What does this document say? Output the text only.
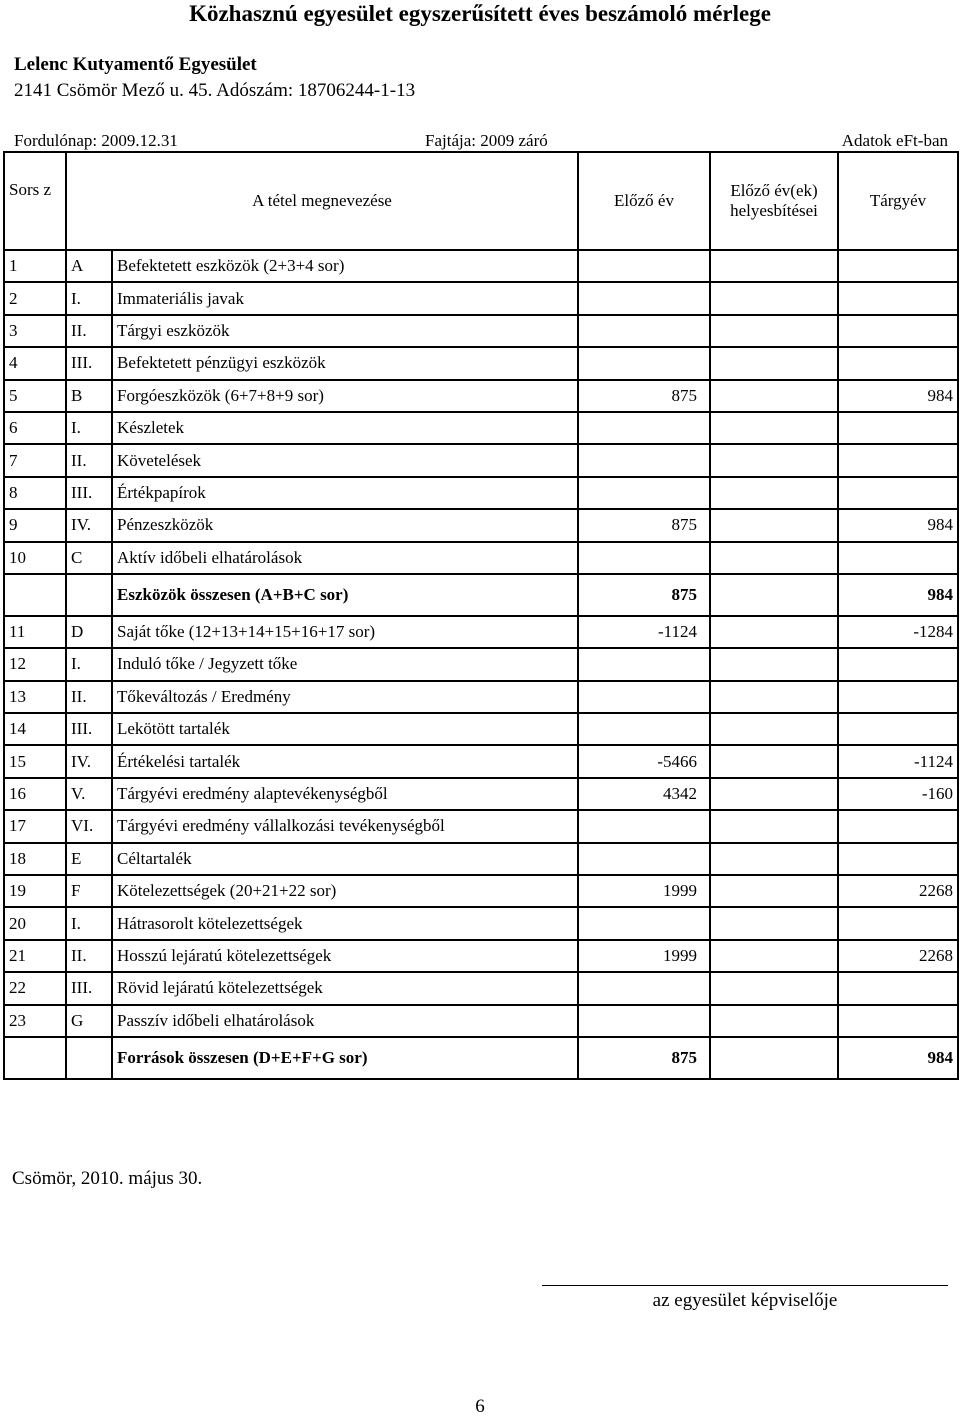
Közhasznú egyesület egyszerűsített éves beszámoló mérlege
Lelenc Kutyamentő Egyesület
2141 Csömör Mező u. 45. Adószám: 18706244-1-13
Fordulónap: 2009.12.31	Fajtája: 2009 záró	Adatok eFt-ban
Sors z	A tétel megnevezése		Előző év	Előző év(ek) helyesbítései	Tárgyév
1	A	Befektetett eszközök (2+3+4 sor)			
2	I.	Immateriális javak			
3	II.	Tárgyi eszközök			
4	III.	Befektetett pénzügyi eszközök			
5	B	Forgóeszközök (6+7+8+9 sor)	875		984
6	I.	Készletek			
7	II.	Követelések			
8	III.	Értékpapírok			
9	IV.	Pénzeszközök	875		984
10	C	Aktív időbeli elhatárolások			
		Eszközök összesen (A+B+C sor)	875		984
11	D	Saját tőke (12+13+14+15+16+17 sor)	-1124		-1284
12	I.	Induló tőke / Jegyzett tőke			
13	II.	Tőkeváltozás / Eredmény			
14	III.	Lekötött tartalék			
15	IV.	Értékelési tartalék	-5466		-1124
16	V.	Tárgyévi eredmény alaptevékenységből	4342		-160
17	VI.	Tárgyévi eredmény vállalkozási tevékenységből			
18	E	Céltartalék			
19	F	Kötelezettségek (20+21+22 sor)	1999		2268
20	I.	Hátrasorolt kötelezettségek			
21	II.	Hosszú lejáratú kötelezettségek	1999		2268
22	III.	Rövid lejáratú kötelezettségek			
23	G	Passzív időbeli elhatárolások			
		Források összesen (D+E+F+G sor)	875		984
Csömör, 2010. május 30.
az egyesület képviselője
6
